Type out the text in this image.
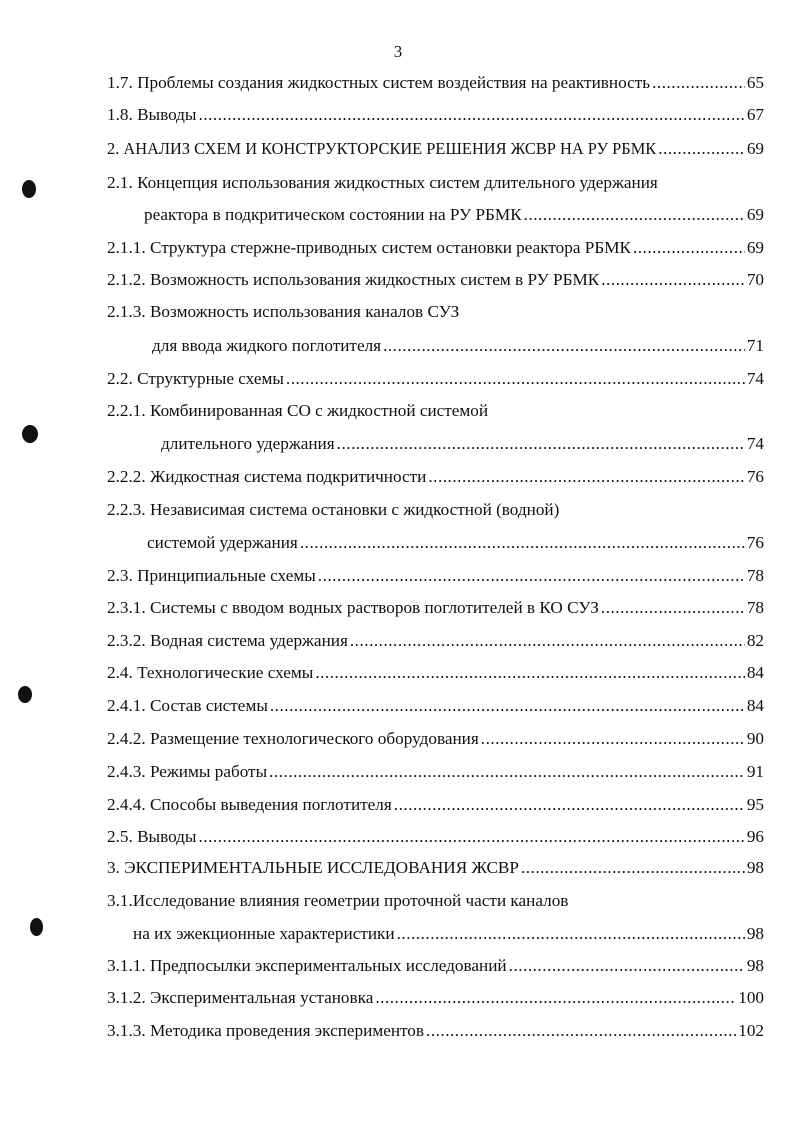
3
1.7. Проблемы создания жидкостных систем воздействия на реактивность .....	65
1.8. Выводы .....	67
2. АНАЛИЗ СХЕМ И КОНСТРУКТОРСКИЕ РЕШЕНИЯ ЖСВР НА РУ РБМК .....	69
2.1. Концепция использования жидкостных систем длительного удержания
реактора в подкритическом состоянии на РУ РБМК .....	69
2.1.1. Структура стержне-приводных систем остановки реактора РБМК .....	69
2.1.2. Возможность использования жидкостных систем в РУ РБМК .....	70
2.1.3. Возможность использования каналов СУЗ
для ввода жидкого поглотителя .....	71
2.2. Структурные схемы .....	74
2.2.1. Комбинированная СО с жидкостной системой
длительного удержания .....	74
2.2.2. Жидкостная система подкритичности .....	76
2.2.3. Независимая система остановки с жидкостной (водной)
системой удержания .....	76
2.3. Принципиальные схемы .....	78
2.3.1. Системы с вводом водных растворов поглотителей в КО СУЗ .....	78
2.3.2. Водная система удержания .....	82
2.4. Технологические схемы .....	84
2.4.1. Состав системы .....	84
2.4.2. Размещение технологического оборудования .....	90
2.4.3. Режимы работы .....	91
2.4.4. Способы выведения поглотителя .....	95
2.5. Выводы .....	96
3. ЭКСПЕРИМЕНТАЛЬНЫЕ ИССЛЕДОВАНИЯ ЖСВР .....	98
3.1.Исследование влияния геометрии проточной части каналов
на их эжекционные характеристики .....	98
3.1.1. Предпосылки экспериментальных исследований .....	98
3.1.2. Экспериментальная установка .....	100
3.1.3. Методика проведения экспериментов .....	102
